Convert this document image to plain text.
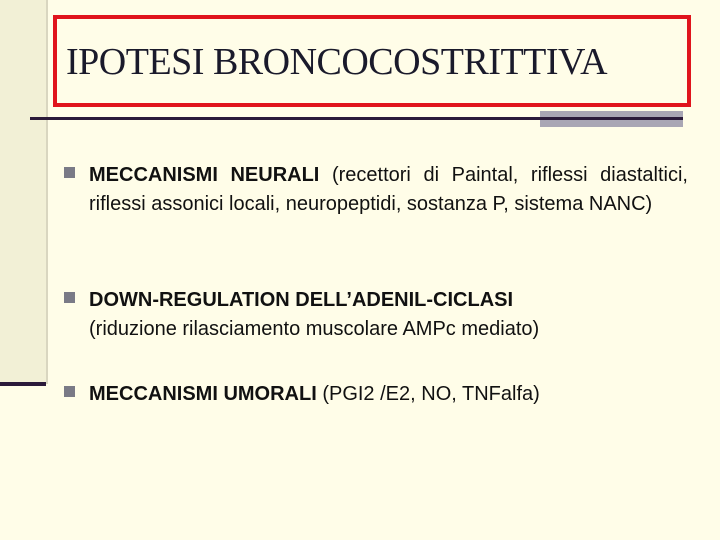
IPOTESI BRONCOCOSTRITTIVA
MECCANISMI NEURALI (recettori di Paintal, riflessi diastaltici, riflessi assonici locali, neuropeptidi, sostanza P, sistema NANC)
DOWN-REGULATION DELL’ADENIL-CICLASI
(riduzione rilasciamento muscolare AMPc mediato)
MECCANISMI UMORALI (PGI2 /E2, NO, TNFalfa)
